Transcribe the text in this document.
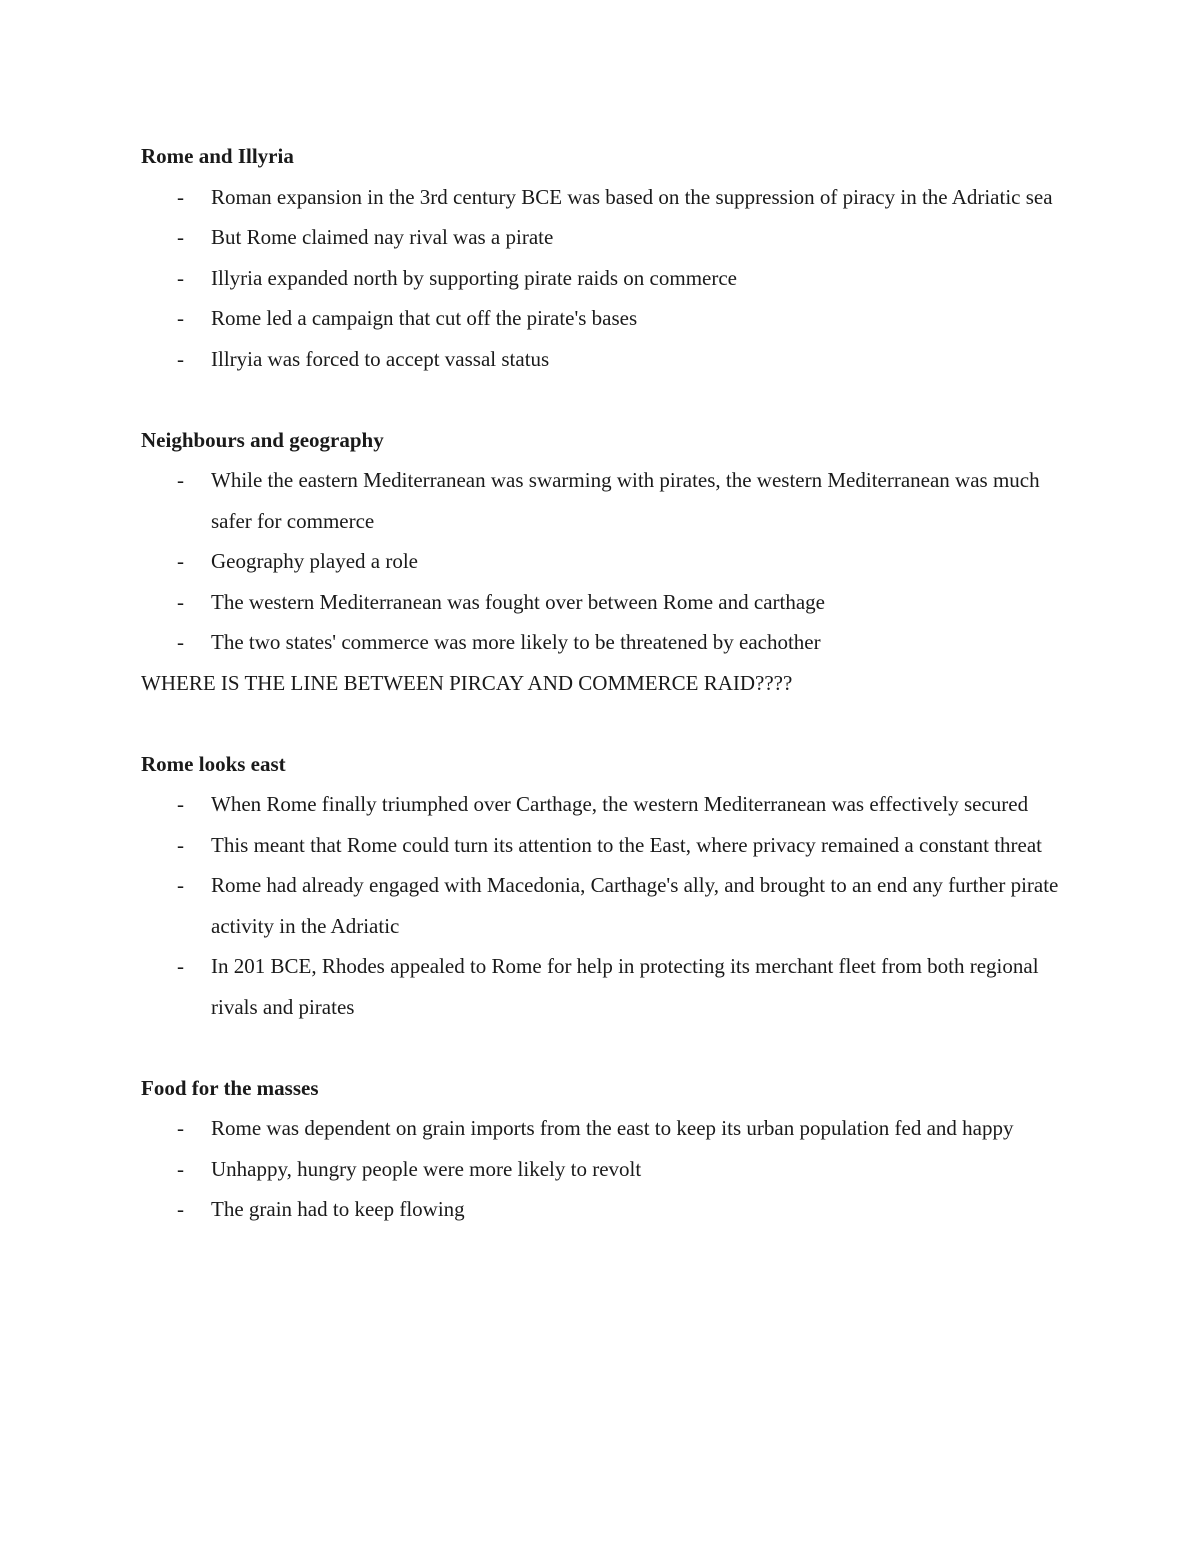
Rome and Illyria

- Roman expansion in the 3rd century BCE was based on the suppression of piracy in the Adriatic sea
- But Rome claimed nay rival was a pirate
- Illyria expanded north by supporting pirate raids on commerce
- Rome led a campaign that cut off the pirate's bases
- Illryia was forced to accept vassal status

Neighbours and geography

- While the eastern Mediterranean was swarming with pirates, the western Mediterranean was much safer for commerce
- Geography played a role
- The western Mediterranean was fought over between Rome and carthage
- The two states' commerce was more likely to be threatened by eachother

WHERE IS THE LINE BETWEEN PIRCAY AND COMMERCE RAID????

Rome looks east

- When Rome finally triumphed over Carthage, the western Mediterranean was effectively secured
- This meant that Rome could turn its attention to the East, where privacy remained a constant threat
- Rome had already engaged with Macedonia, Carthage's ally, and brought to an end any further pirate activity in the Adriatic
- In 201 BCE, Rhodes appealed to Rome for help in protecting its merchant fleet from both regional rivals and pirates

Food for the masses

- Rome was dependent on grain imports from the east to keep its urban population fed and happy
- Unhappy, hungry people were more likely to revolt
- The grain had to keep flowing
